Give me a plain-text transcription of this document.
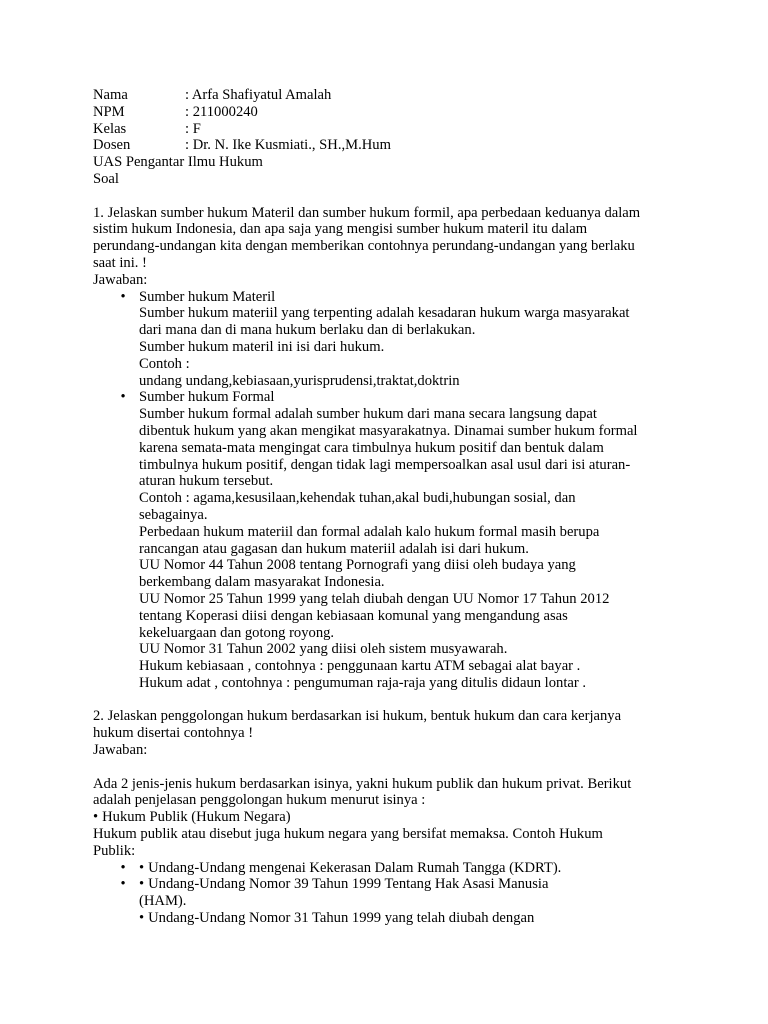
Nama	: Arfa Shafiyatul Amalah
NPM	: 211000240
Kelas	: F
Dosen	: Dr. N. Ike Kusmiati., SH.,M.Hum
UAS Pengantar Ilmu Hukum
Soal
1. Jelaskan sumber hukum Materil dan sumber hukum formil, apa perbedaan keduanya dalam
sistim hukum Indonesia, dan apa saja yang mengisi sumber hukum materil itu dalam
perundang-undangan kita dengan memberikan contohnya perundang-undangan yang berlaku
saat ini. !
Jawaban:
• Sumber hukum Materil
Sumber hukum materiil yang terpenting adalah kesadaran hukum warga masyarakat
dari mana dan di mana hukum berlaku dan di berlakukan.
Sumber hukum materil ini isi dari hukum.
Contoh :
undang undang,kebiasaan,yurisprudensi,traktat,doktrin
• Sumber hukum Formal
Sumber hukum formal adalah sumber hukum dari mana secara langsung dapat
dibentuk hukum yang akan mengikat masyarakatnya. Dinamai sumber hukum formal
karena semata-mata mengingat cara timbulnya hukum positif dan bentuk dalam
timbulnya hukum positif, dengan tidak lagi mempersoalkan asal usul dari isi aturan-
aturan hukum tersebut.
Contoh : agama,kesusilaan,kehendak tuhan,akal budi,hubungan sosial, dan
sebagainya.
Perbedaan hukum materiil dan formal adalah kalo hukum formal masih berupa
rancangan atau gagasan dan hukum materiil adalah isi dari hukum.
UU Nomor 44 Tahun 2008 tentang Pornografi yang diisi oleh budaya yang
berkembang dalam masyarakat Indonesia.
UU Nomor 25 Tahun 1999 yang telah diubah dengan UU Nomor 17 Tahun 2012
tentang Koperasi diisi dengan kebiasaan komunal yang mengandung asas
kekeluargaan dan gotong royong.
UU Nomor 31 Tahun 2002 yang diisi oleh sistem musyawarah.
Hukum kebiasaan , contohnya : penggunaan kartu ATM sebagai alat bayar .
Hukum adat , contohnya : pengumuman raja-raja yang ditulis didaun lontar .
2. Jelaskan penggolongan hukum berdasarkan isi hukum, bentuk hukum dan cara kerjanya
hukum disertai contohnya !
Jawaban:
Ada 2 jenis-jenis hukum berdasarkan isinya, yakni hukum publik dan hukum privat. Berikut
adalah penjelasan penggolongan hukum menurut isinya :
• Hukum Publik (Hukum Negara)
Hukum publik atau disebut juga hukum negara yang bersifat memaksa. Contoh Hukum
Publik:
• • Undang-Undang mengenai Kekerasan Dalam Rumah Tangga (KDRT).
• • Undang-Undang Nomor 39 Tahun 1999 Tentang Hak Asasi Manusia
(HAM).
• Undang-Undang Nomor 31 Tahun 1999 yang telah diubah dengan
